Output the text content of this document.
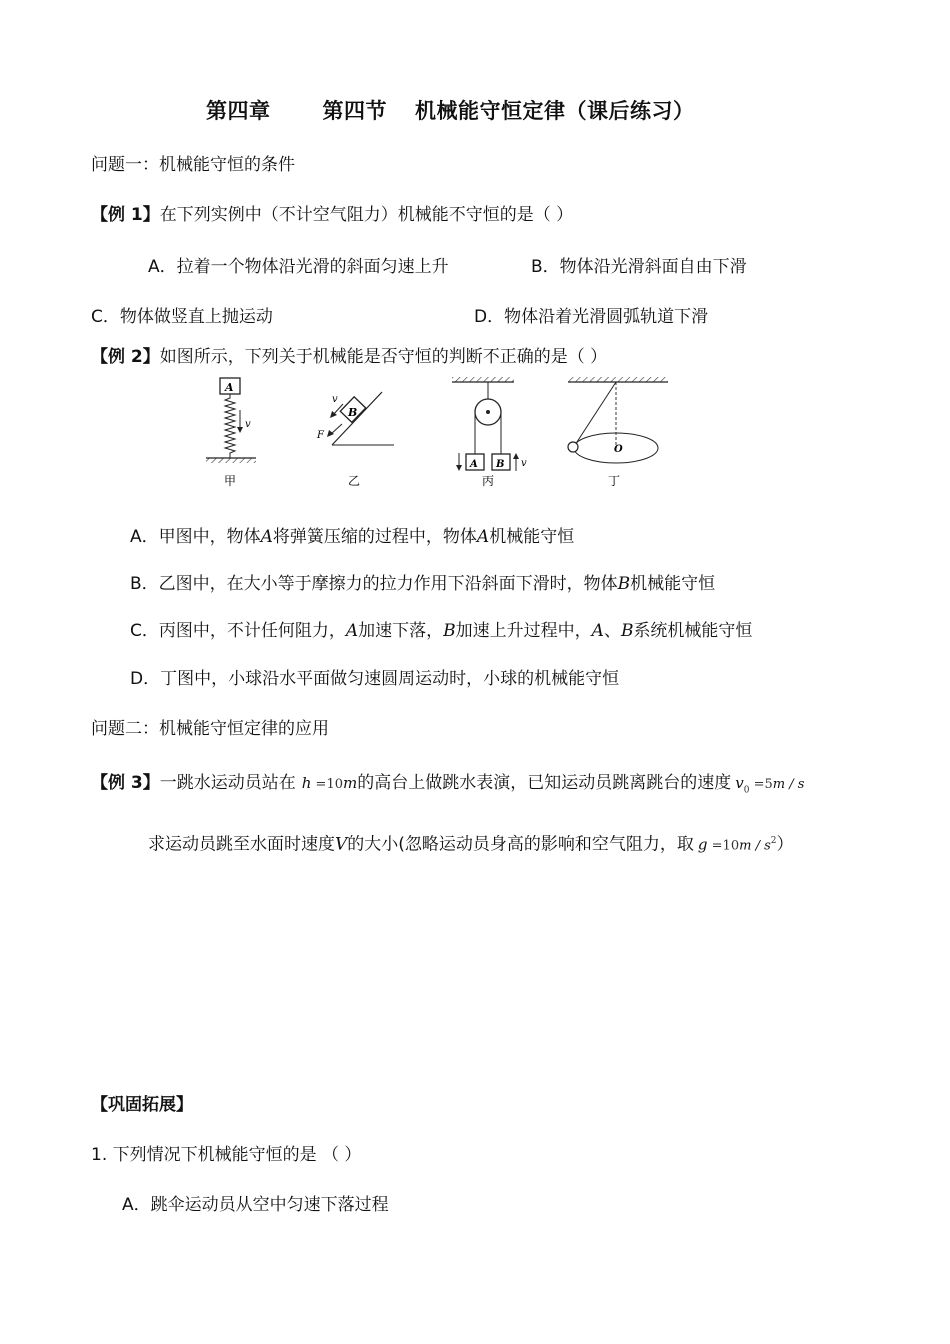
第四章 第四节 机械能守恒定律（课后练习）
问题一：机械能守恒的条件
【例 1】在下列实例中（不计空气阻力）机械能不守恒的是（ ）
A．拉着一个物体沿光滑的斜面匀速上升	B．物体沿光滑斜面自由下滑
C．物体做竖直上抛运动	D．物体沿着光滑圆弧轨道下滑
【例 2】如图所示，下列关于机械能是否守恒的判断不正确的是（ ）
A
v
甲
B
v
F
乙
A B v
丙
O
丁
A．甲图中，物体A将弹簧压缩的过程中，物体A机械能守恒
B．乙图中，在大小等于摩擦力的拉力作用下沿斜面下滑时，物体B机械能守恒
C．丙图中，不计任何阻力，A加速下落，B加速上升过程中，A、B系统机械能守恒
D．丁图中，小球沿水平面做匀速圆周运动时，小球的机械能守恒
问题二：机械能守恒定律的应用
【例 3】一跳水运动员站在 h =10m的高台上做跳水表演，已知运动员跳离跳台的速度 $v_0 =5m / s$
求运动员跳至水面时速度V的大小(忽略运动员身高的影响和空气阻力，取 $g =10m / s^2$）
【巩固拓展】
1. 下列情况下机械能守恒的是 （ ）
A．跳伞运动员从空中匀速下落过程
